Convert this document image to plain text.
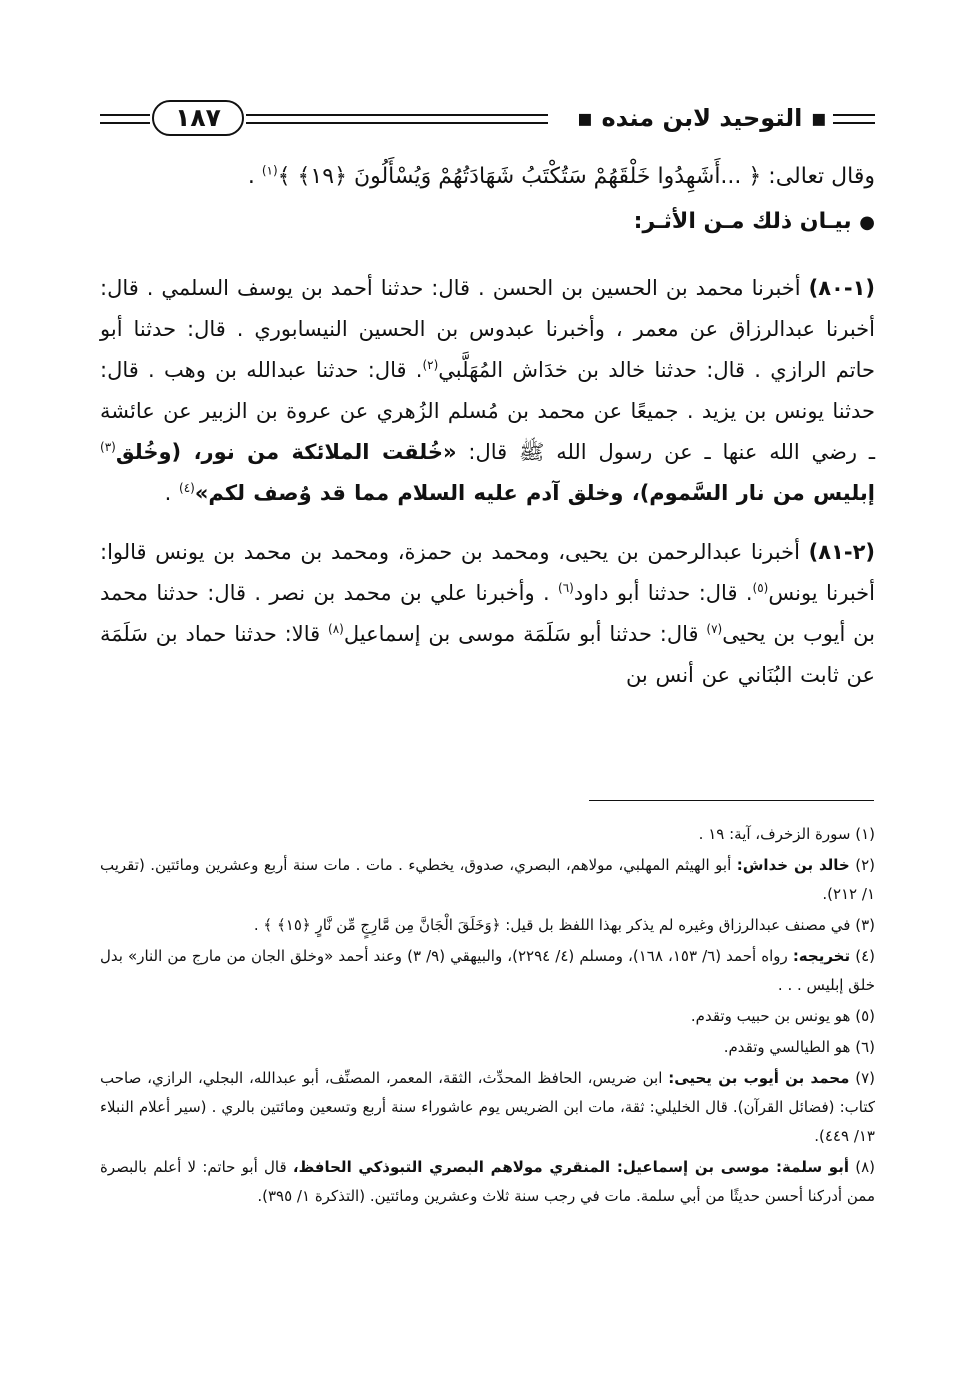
▪ التوحيد لابن منده ▪
١٨٧
وقال تعالى: ﴿ ...أَشَهِدُوا خَلْقَهُمْ سَتُكْتَبُ شَهَادَتُهُمْ وَيُسْأَلُونَ ﴿١٩﴾ ﴾$^{(١)}$ .
● بيـان ذلك مـن الأثـر:

(١-٨٠) أخبرنا محمد بن الحسين بن الحسن . قال: حدثنا أحمد بن يوسف السلمي . قال: أخبرنا عبدالرزاق عن معمر ، وأخبرنا عبدوس بن الحسين النيسابوري . قال: حدثنا أبو حاتم الرازي . قال: حدثنا خالد بن خدَاش المُهَلَّبي$^{(٢)}$. قال: حدثنا عبدالله بن وهب . قال: حدثنا يونس بن يزيد . جميعًا عن محمد بن مُسلم الزُهري عن عروة بن الزبير عن عائشة ـ رضي الله عنها ـ عن رسول الله ﷺ قال: «خُلقت الملائكة من نور، (وخُلق$^{(٣)}$ إبليس من نار السَّموم)، وخلق آدم عليه السلام مما قد وُصف لكم»$^{(٤)}$ .

(٢-٨١) أخبرنا عبدالرحمن بن يحيى، ومحمد بن حمزة، ومحمد بن محمد بن يونس قالوا: أخبرنا يونس$^{(٥)}$. قال: حدثنا أبو داود$^{(٦)}$ . وأخبرنا علي بن محمد بن نصر . قال: حدثنا محمد بن أيوب بن يحيى$^{(٧)}$ قال: حدثنا أبو سَلَمَة موسى بن إسماعيل$^{(٨)}$ قالا: حدثنا حماد بن سَلَمَة عن ثابت البُنَاني عن أنس بن

(١) سورة الزخرف، آية: ١٩ .

(٢) خالد بن خداش: أبو الهيثم المهلبي، مولاهم، البصري، صدوق، يخطيء . مات . مات سنة أربع وعشرين ومائتين. (تقريب ١/ ٢١٢).

(٣) في مصنف عبدالرزاق وغيره لم يذكر بهذا اللفظ بل قيل: ﴿وَخَلَقَ الْجَانَّ مِن مَّارِجٍ مِّن نَّارٍ ﴿١٥﴾ ﴾ .

(٤) تخريجه: رواه أحمد (٦/ ١٥٣، ١٦٨)، ومسلم (٤/ ٢٢٩٤)، والبيهقي (٩/ ٣) وعند أحمد «وخلق الجان من مارج من النار» بدل خلق إبليس . . .

(٥) هو يونس بن حبيب وتقدم.

(٦) هو الطيالسي وتقدم.

(٧) محمد بن أيوب بن يحيى: ابن ضريس، الحافظ المحدِّث، الثقة، المعمر، المصنِّف، أبو عبدالله، البجلي، الرازي، صاحب كتاب: (فضائل القرآن). قال الخليلي: ثقة، مات ابن الضريس يوم عاشوراء سنة أربع وتسعين ومائتين بالري . (سير أعلام النبلاء ١٣/ ٤٤٩).

(٨) أبو سلمة: موسى بن إسماعيل: المنقري مولاهم البصري التبوذكي الحافظ، قال أبو حاتم: لا أعلم بالبصرة ممن أدركنا أحسن حديثًا من أبي سلمة. مات في رجب سنة ثلاث وعشرين ومائتين. (التذكرة ١/ ٣٩٥).
